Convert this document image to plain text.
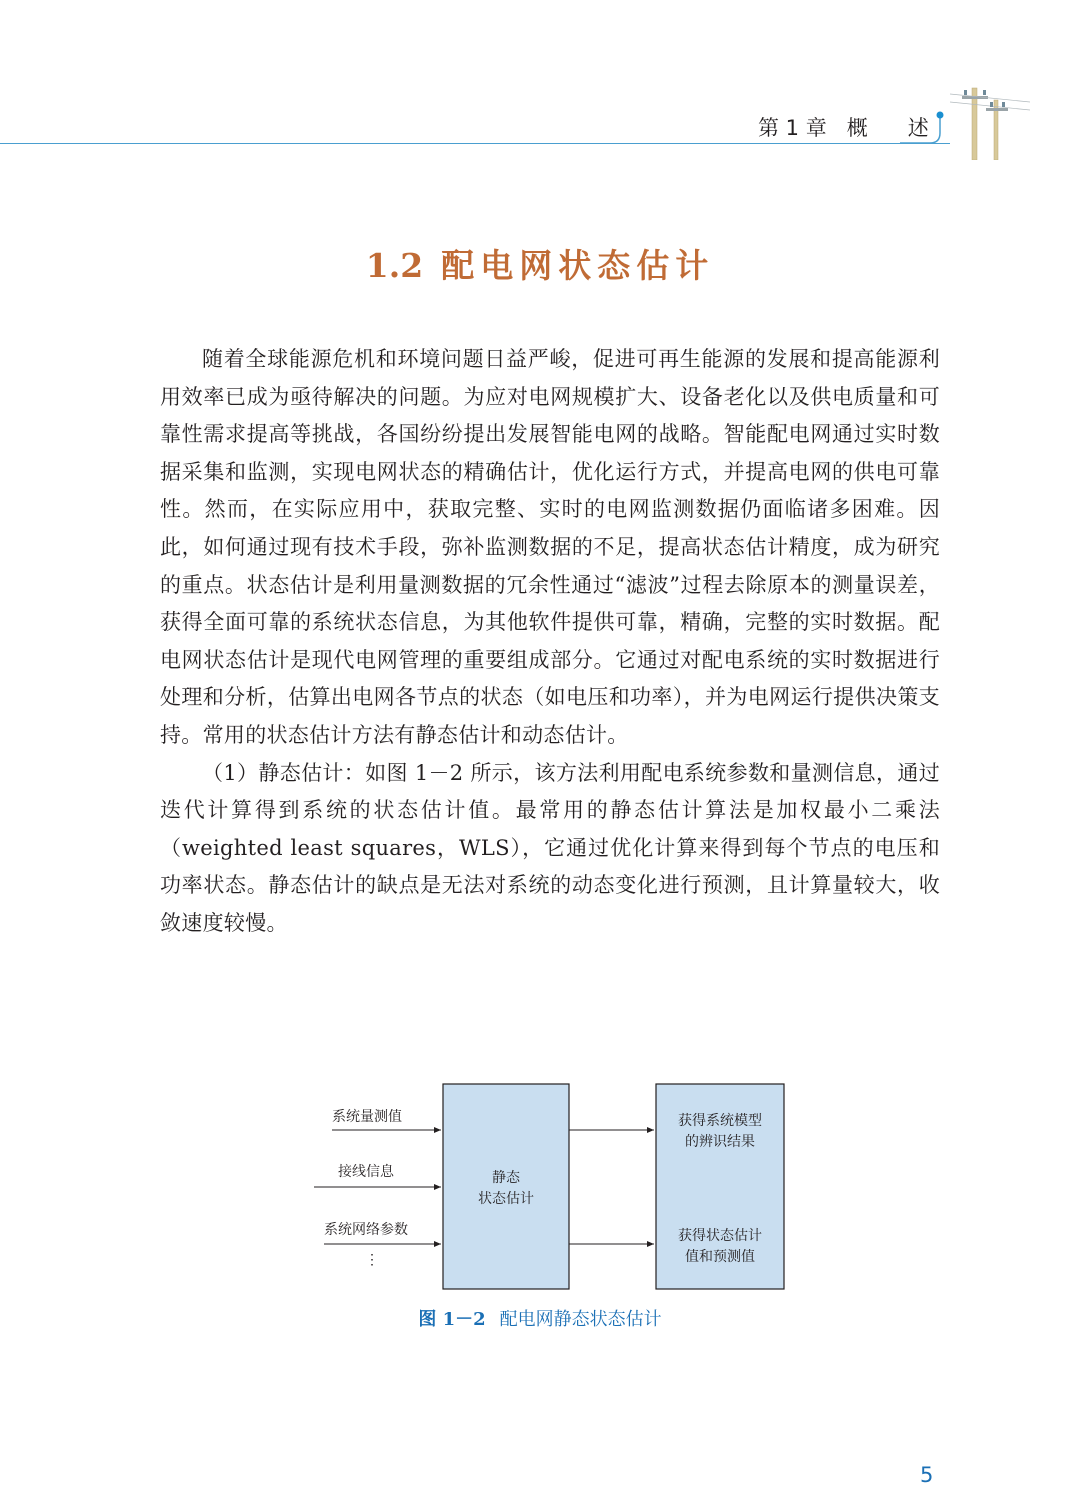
第 1 章   概      述
1.2 配电网状态估计

随着全球能源危机和环境问题日益严峻，促进可再生能源的发展和提高能源利用效率已成为亟待解决的问题。为应对电网规模扩大、设备老化以及供电质量和可靠性需求提高等挑战，各国纷纷提出发展智能电网的战略。智能配电网通过实时数据采集和监测，实现电网状态的精确估计，优化运行方式，并提高电网的供电可靠性。然而，在实际应用中，获取完整、实时的电网监测数据仍面临诸多困难。因此，如何通过现有技术手段，弥补监测数据的不足，提高状态估计精度，成为研究的重点。状态估计是利用量测数据的冗余性通过“滤波”过程去除原本的测量误差，获得全面可靠的系统状态信息，为其他软件提供可靠，精确，完整的实时数据。配电网状态估计是现代电网管理的重要组成部分。它通过对配电系统的实时数据进行处理和分析，估算出电网各节点的状态（如电压和功率），并为电网运行提供决策支持。常用的状态估计方法有静态估计和动态估计。

（1）静态估计：如图 1－2 所示，该方法利用配电系统参数和量测信息，通过迭代计算得到系统的状态估计值。最常用的静态估计算法是加权最小二乘法（weighted least squares，WLS），它通过优化计算来得到每个节点的电压和功率状态。静态估计的缺点是无法对系统的动态变化进行预测，且计算量较大，收敛速度较慢。

系统量测值
接线信息
系统网络参数
⋮
静态
状态估计
获得系统模型
的辨识结果
获得状态估计
值和预测值
图 1－2 配电网静态状态估计
5
